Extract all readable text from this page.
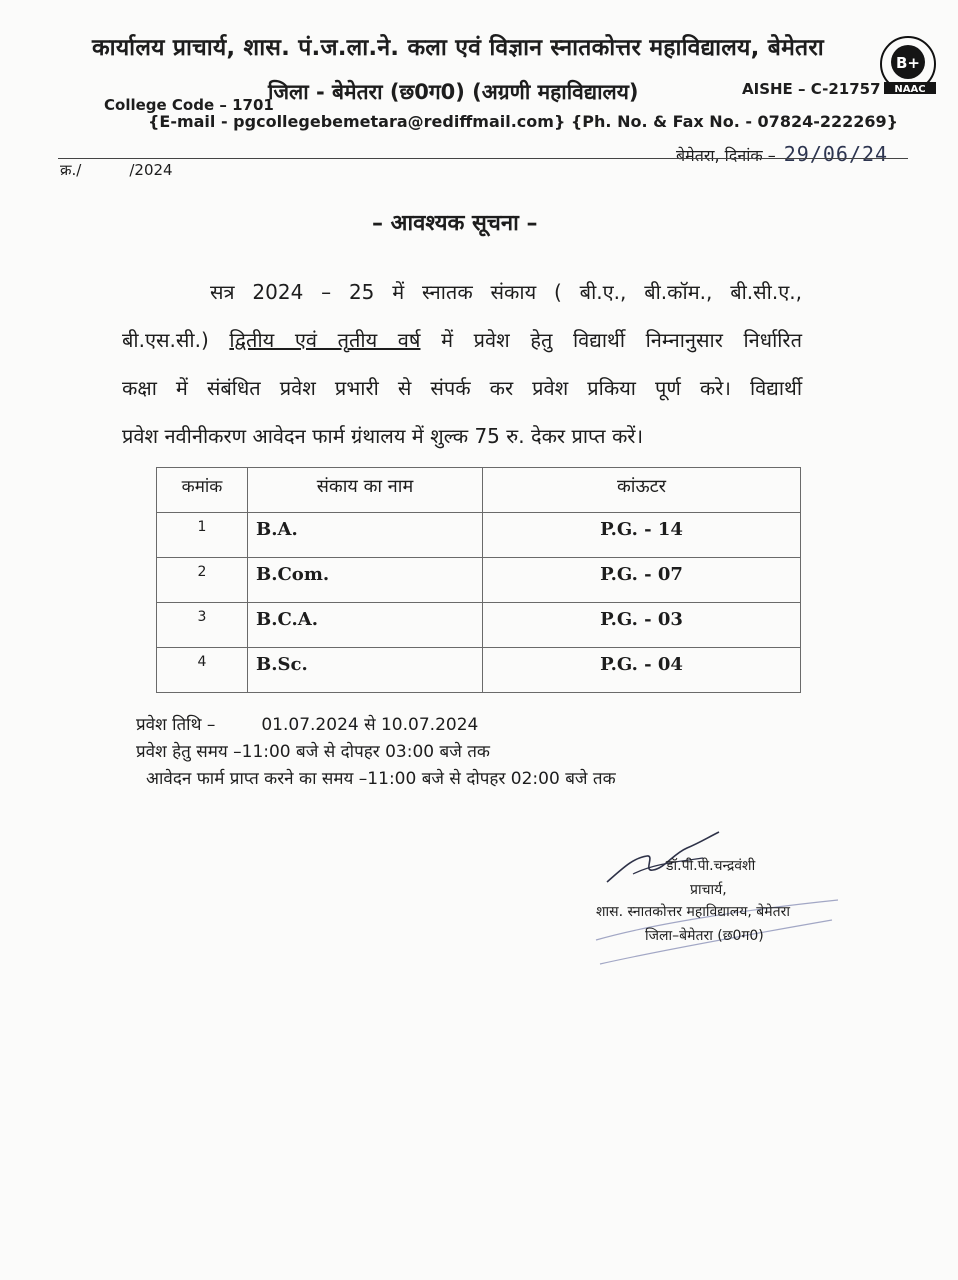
कार्यालय प्राचार्य, शास. पं.ज.ला.ने. कला एवं विज्ञान स्नातकोत्तर महाविद्यालय, बेमेतरा
B+
NAAC
College Code – 1701
जिला - बेमेतरा (छ0ग0) (अग्रणी महाविद्यालय)	AISHE – C-21757
{E-mail - pgcollegebemetara@rediffmail.com} {Ph. No. & Fax No. - 07824-222269}
बेमेतरा, दिनांक – 29/06/24
क्र./	/2024
– आवश्यक सूचना –

सत्र 2024 – 25 में स्नातक संकाय ( बी.ए., बी.कॉम., बी.सी.ए.,

बी.एस.सी.) द्वितीय एवं तृतीय वर्ष में प्रवेश हेतु विद्यार्थी निम्नानुसार निर्धारित

कक्षा में संबंधित प्रवेश प्रभारी से संपर्क कर प्रवेश प्रकिया पूर्ण करे। विद्यार्थी

प्रवेश नवीनीकरण आवेदन फार्म ग्रंथालय में शुल्क 75 रु. देकर प्राप्त करें।

कमांक	संकाय का नाम	कांऊटर
1	B.A.	P.G. - 14
2	B.Com.	P.G. - 07
3	B.C.A.	P.G. - 03
4	B.Sc.	P.G. - 04
प्रवेश तिथि –	01.07.2024 से 10.07.2024
प्रवेश हेतु समय –11:00 बजे से दोपहर 03:00 बजे तक
आवेदन फार्म प्राप्त करने का समय –11:00 बजे से दोपहर 02:00 बजे तक
डॉ.पी.पी.चन्द्रवंशी
प्राचार्य,
शास. स्नातकोत्तर महाविद्यालय, बेमेतरा
जिला–बेमेतरा (छ0ग0)
